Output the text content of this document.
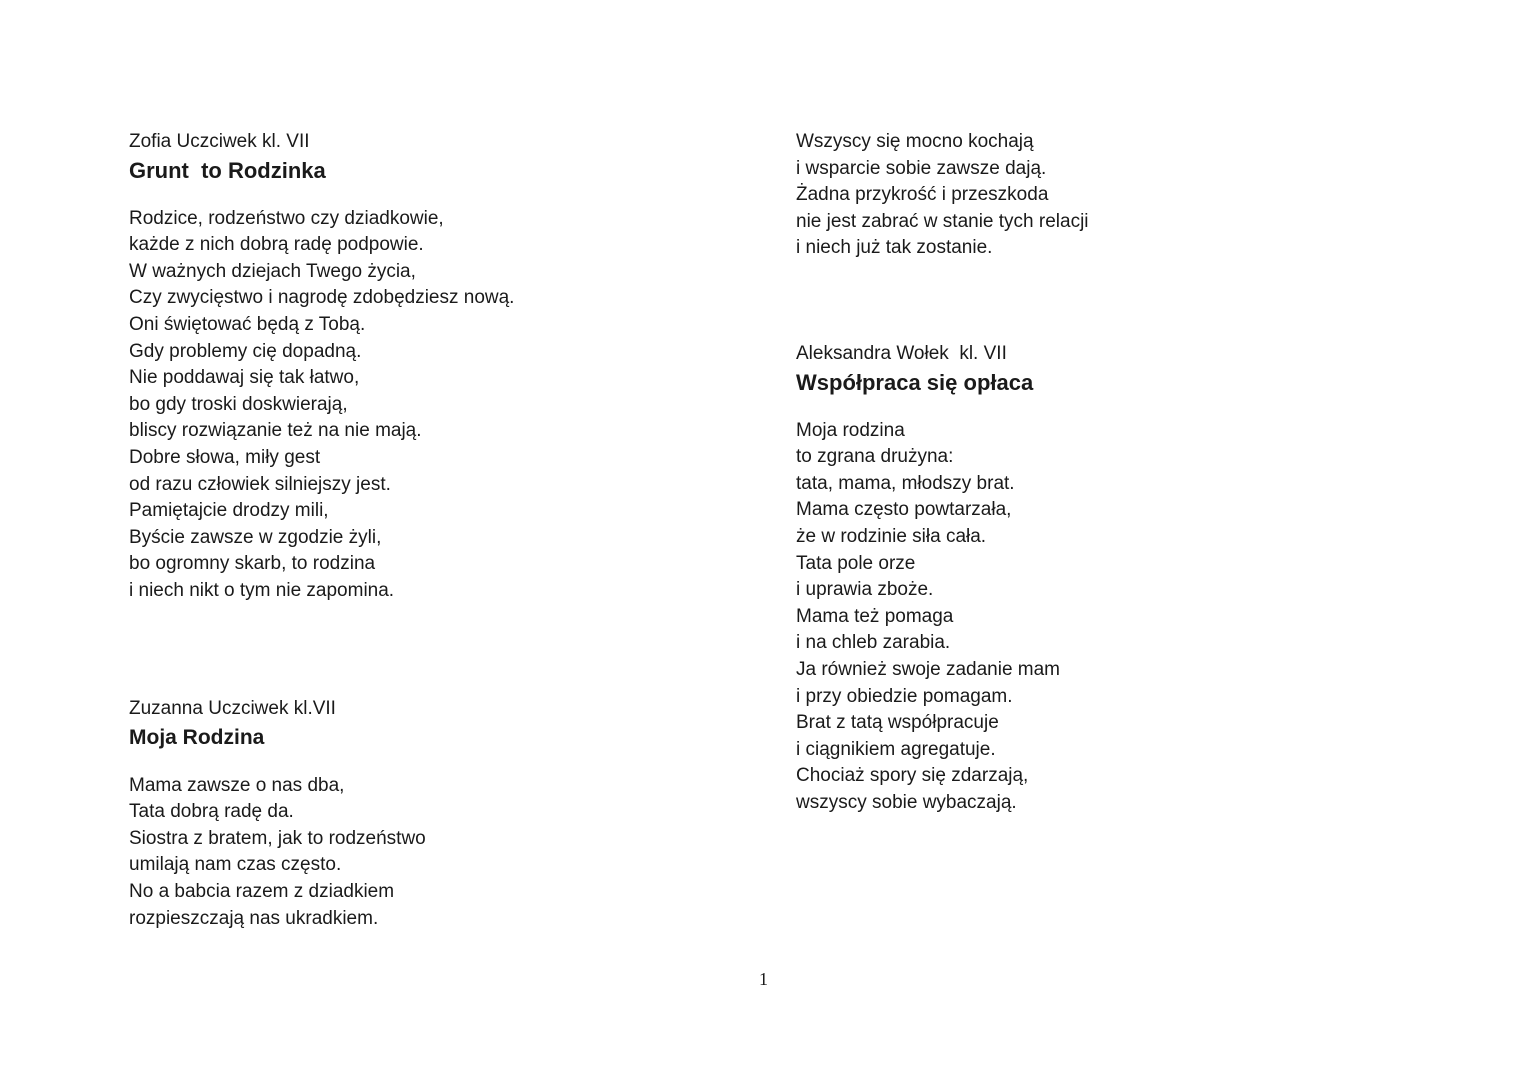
Zofia Uczciwek kl. VII

Grunt  to Rodzinka

Rodzice, rodzeństwo czy dziadkowie,
każde z nich dobrą radę podpowie.
W ważnych dziejach Twego życia,
Czy zwycięstwo i nagrodę zdobędziesz nową.
Oni świętować będą z Tobą.
Gdy problemy cię dopadną.
Nie poddawaj się tak łatwo,
bo gdy troski doskwierają,
bliscy rozwiązanie też na nie mają.
Dobre słowa, miły gest
od razu człowiek silniejszy jest.
Pamiętajcie drodzy mili,
Byście zawsze w zgodzie żyli,
bo ogromny skarb, to rodzina
i niech nikt o tym nie zapomina.

Zuzanna Uczciwek kl.VII

Moja Rodzina

Mama zawsze o nas dba,
Tata dobrą radę da.
Siostra z bratem, jak to rodzeństwo
umilają nam czas często.
No a babcia razem z dziadkiem
rozpieszczają nas ukradkiem.
Wszyscy się mocno kochają
i wsparcie sobie zawsze dają.
Żadna przykrość i przeszkoda
nie jest zabrać w stanie tych relacji
i niech już tak zostanie.

Aleksandra Wołek  kl. VII

Współpraca się opłaca

Moja rodzina
to zgrana drużyna:
tata, mama, młodszy brat.
Mama często powtarzała,
że w rodzinie siła cała.
Tata pole orze
i uprawia zboże.
Mama też pomaga
i na chleb zarabia.
Ja również swoje zadanie mam
i przy obiedzie pomagam.
Brat z tatą współpracuje
i ciągnikiem agregatuje.
Chociaż spory się zdarzają,
wszyscy sobie wybaczają.
1
